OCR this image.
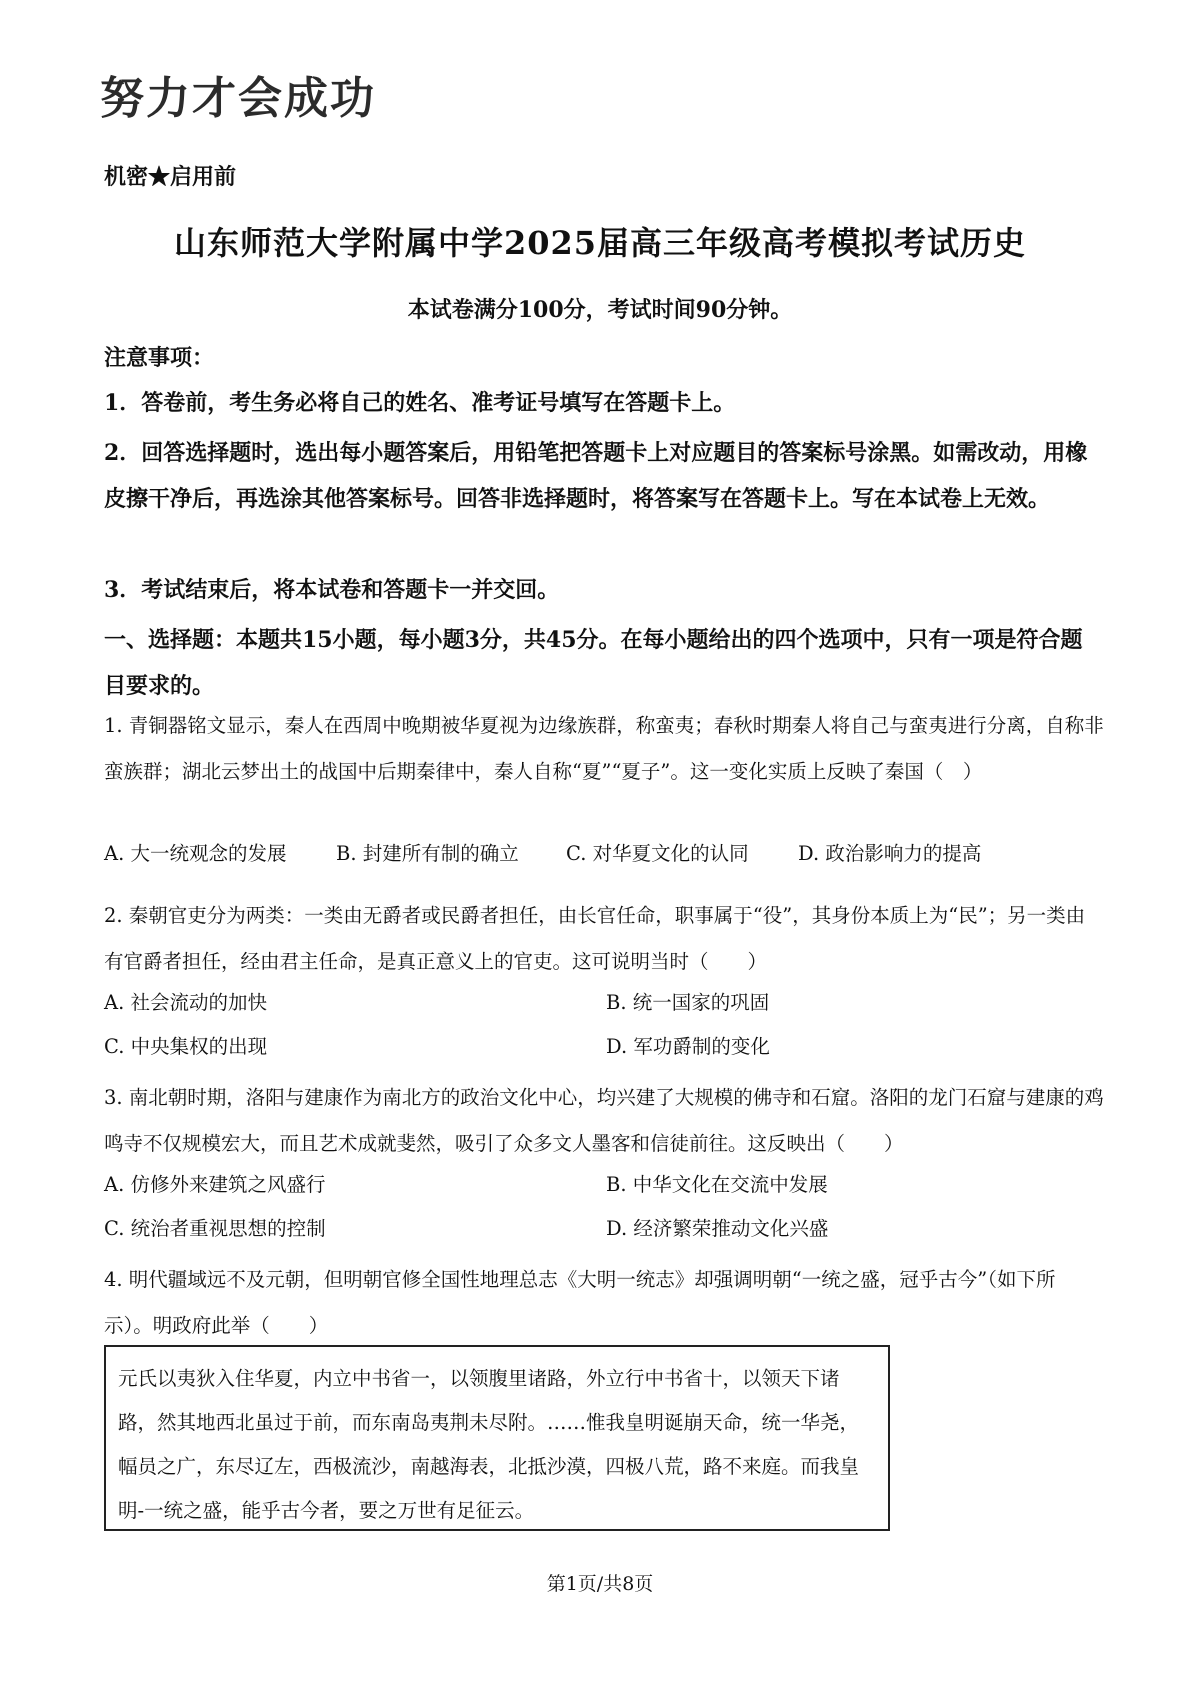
努力才会成功
机密★启用前
山东师范大学附属中学2025届高三年级高考模拟考试历史
本试卷满分100分，考试时间90分钟。
注意事项：
1．答卷前，考生务必将自己的姓名、准考证号填写在答题卡上。
2．回答选择题时，选出每小题答案后，用铅笔把答题卡上对应题目的答案标号涂黑。如需改动，用橡皮擦干净后，再选涂其他答案标号。回答非选择题时，将答案写在答题卡上。写在本试卷上无效。
3．考试结束后，将本试卷和答题卡一并交回。
一、选择题：本题共15小题，每小题3分，共45分。在每小题给出的四个选项中，只有一项是符合题目要求的。
1. 青铜器铭文显示，秦人在西周中晚期被华夏视为边缘族群，称蛮夷；春秋时期秦人将自己与蛮夷进行分离，自称非蛮族群；湖北云梦出土的战国中后期秦律中，秦人自称“夏”“夏子”。这一变化实质上反映了秦国（　）
A. 大一统观念的发展	B. 封建所有制的确立 C. 对华夏文化的认同	D. 政治影响力的提高
2. 秦朝官吏分为两类：一类由无爵者或民爵者担任，由长官任命，职事属于“役”，其身份本质上为“民”；另一类由有官爵者担任，经由君主任命，是真正意义上的官吏。这可说明当时（　　）
A. 社会流动的加快	B. 统一国家的巩固
C. 中央集权的出现	D. 军功爵制的变化
3. 南北朝时期，洛阳与建康作为南北方的政治文化中心，均兴建了大规模的佛寺和石窟。洛阳的龙门石窟与建康的鸡鸣寺不仅规模宏大，而且艺术成就斐然，吸引了众多文人墨客和信徒前往。这反映出（　　）
A. 仿修外来建筑之风盛行	B. 中华文化在交流中发展
C. 统治者重视思想的控制	D. 经济繁荣推动文化兴盛
4. 明代疆域远不及元朝，但明朝官修全国性地理总志《大明一统志》却强调明朝“一统之盛，冠乎古今”（如下所示）。明政府此举（　　）
元氏以夷狄入住华夏，内立中书省一，以领腹里诸路，外立行中书省十，以领天下诸路，然其地西北虽过于前，而东南岛夷荆未尽附。……惟我皇明诞崩天命，统一华尧，幅员之广，东尽辽左，西极流沙，南越海表，北抵沙漠，四极八荒，路不来庭。而我皇明-一统之盛，能乎古今者，要之万世有足征云。
第1页/共8页
